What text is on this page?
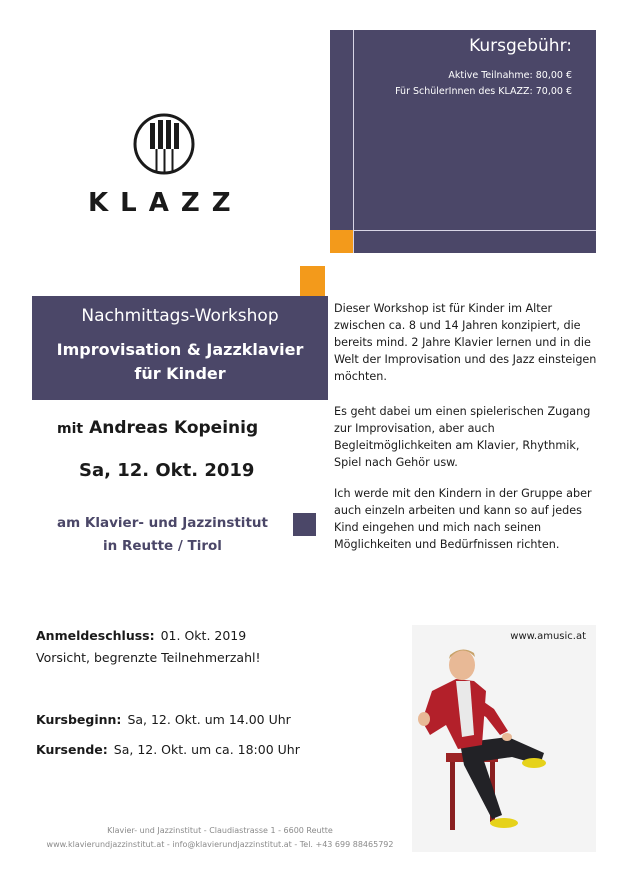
Kursgebühr:
Aktive Teilnahme: 80,00 €
Für SchülerInnen des KLAZZ: 70,00 €
KLAZZ
Nachmittags-Workshop
Improvisation & Jazzklavier
für Kinder
mit Andreas Kopeinig
Sa, 12. Okt. 2019
am Klavier- und Jazzinstitut
in Reutte / Tirol

Dieser Workshop ist für Kinder im Alter zwischen ca. 8 und 14 Jahren konzipiert, die bereits mind. 2 Jahre Klavier lernen und in die Welt der Improvisation und des Jazz einsteigen möchten.

Es geht dabei um einen spielerischen Zugang zur Improvisation, aber auch Begleitmöglichkeiten am Klavier, Rhythmik, Spiel nach Gehör usw.

Ich werde mit den Kindern in der Gruppe aber auch einzeln arbeiten und kann so auf jedes Kind eingehen und mich nach seinen Möglichkeiten und Bedürfnissen richten.

Anmeldeschluss: 01. Okt. 2019
Vorsicht, begrenzte Teilnehmerzahl!
Kursbeginn: Sa, 12. Okt. um 14.00 Uhr
Kursende: Sa, 12. Okt. um ca. 18:00 Uhr
www.amusic.at
Klavier- und Jazzinstitut - Claudiastrasse 1 - 6600 Reutte
www.klavierundjazzinstitut.at - info@klavierundjazzinstitut.at - Tel. +43 699 88465792
